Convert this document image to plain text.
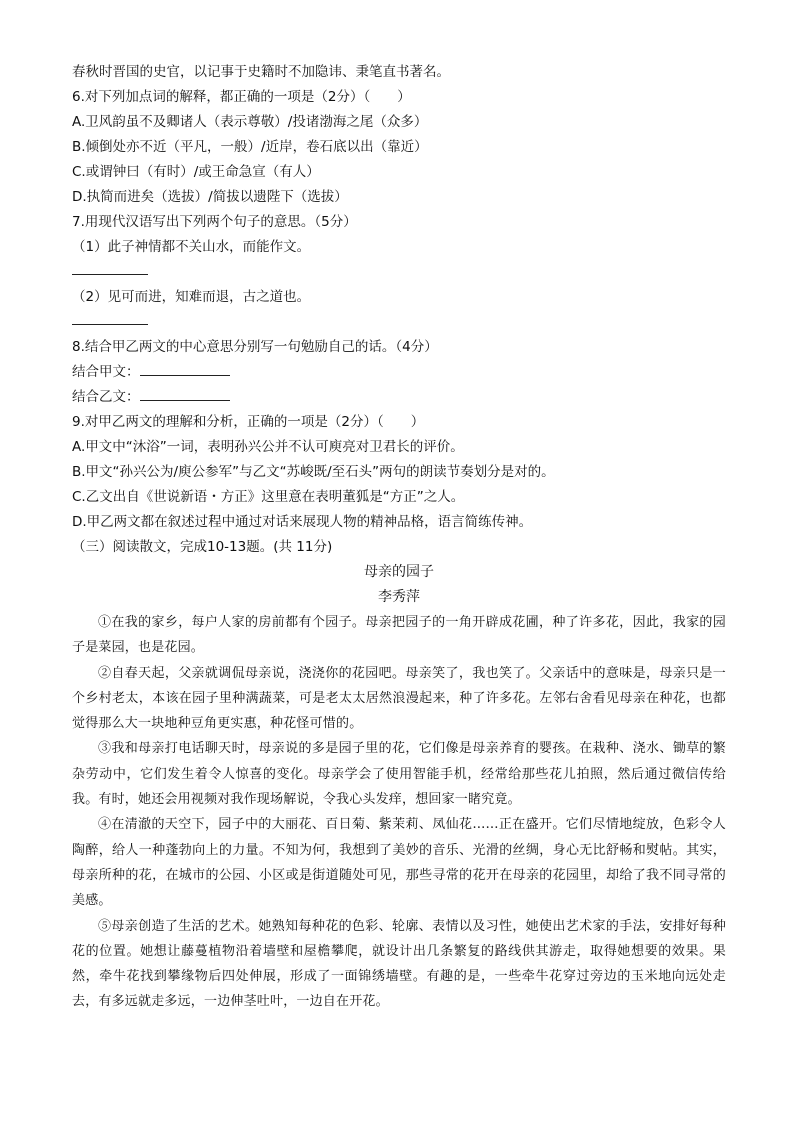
春秋时晋国的史官，以记事于史籍时不加隐讳、秉笔直书著名。
6.对下列加点词的解释，都正确的一项是（2分）（　　）
A.卫风韵虽不及卿诸人（表示尊敬）/投诸渤海之尾（众多）
B.倾倒处亦不近（平凡，一般）/近岸，卷石底以出（靠近）
C.或谓钟曰（有时）/或王命急宣（有人）
D.执简而进矣（选拔）/简拔以遗陛下（选拔）
7.用现代汉语写出下列两个句子的意思。（5分）
（1）此子神情都不关山水，而能作文。
（2）见可而进，知难而退，古之道也。
8.结合甲乙两文的中心意思分别写一句勉励自己的话。（4分）
结合甲文：
结合乙文：
9.对甲乙两文的理解和分析，正确的一项是（2分）（　　）
A.甲文中“沐浴”一词，表明孙兴公并不认可庾亮对卫君长的评价。
B.甲文“孙兴公为/庾公参军”与乙文“苏峻既/至石头”两句的朗读节奏划分是对的。
C.乙文出自《世说新语・方正》这里意在表明董狐是“方正”之人。
D.甲乙两文都在叙述过程中通过对话来展现人物的精神品格，语言简练传神。
（三）阅读散文，完成10-13题。(共 11分)
母亲的园子
李秀萍

①在我的家乡，每户人家的房前都有个园子。母亲把园子的一角开辟成花圃，种了许多花，因此，我家的园子是菜园，也是花园。

②自春天起，父亲就调侃母亲说，浇浇你的花园吧。母亲笑了，我也笑了。父亲话中的意味是，母亲只是一个乡村老太，本该在园子里种满蔬菜，可是老太太居然浪漫起来，种了许多花。左邻右舍看见母亲在种花，也都觉得那么大一块地种豆角更实惠，种花怪可惜的。

③我和母亲打电话聊天时，母亲说的多是园子里的花，它们像是母亲养育的婴孩。在栽种、浇水、锄草的繁杂劳动中，它们发生着令人惊喜的变化。母亲学会了使用智能手机，经常给那些花儿拍照，然后通过微信传给我。有时，她还会用视频对我作现场解说，令我心头发痒，想回家一睹究竟。

④在清澈的天空下，园子中的大丽花、百日菊、紫茉莉、凤仙花……正在盛开。它们尽情地绽放，色彩令人陶醉，给人一种蓬勃向上的力量。不知为何，我想到了美妙的音乐、光滑的丝绸，身心无比舒畅和熨帖。其实，母亲所种的花，在城市的公园、小区或是街道随处可见，那些寻常的花开在母亲的花园里，却给了我不同寻常的美感。

⑤母亲创造了生活的艺术。她熟知每种花的色彩、轮廓、表情以及习性，她使出艺术家的手法，安排好每种花的位置。她想让藤蔓植物沿着墙壁和屋檐攀爬，就设计出几条繁复的路线供其游走，取得她想要的效果。果然，牵牛花找到攀缘物后四处伸展，形成了一面锦绣墙壁。有趣的是，一些牵牛花穿过旁边的玉米地向远处走去，有多远就走多远，一边伸茎吐叶，一边自在开花。
